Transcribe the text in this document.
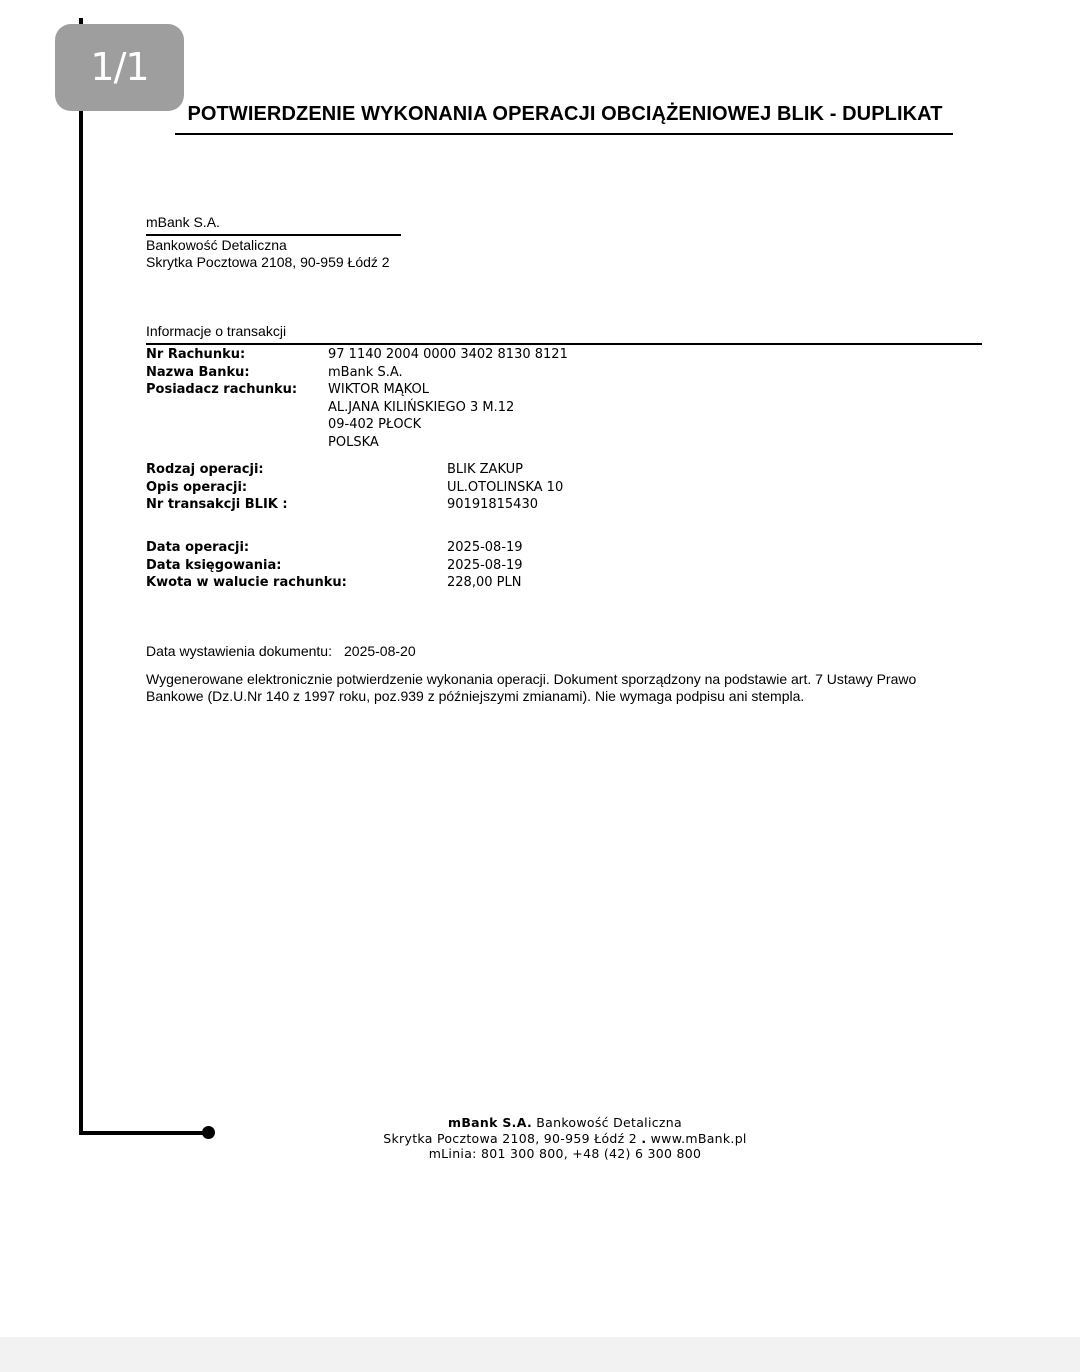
1/1
POTWIERDZENIE WYKONANIA OPERACJI OBCIĄŻENIOWEJ BLIK - DUPLIKAT
mBank S.A.
Bankowość Detaliczna
Skrytka Pocztowa 2108, 90-959 Łódź 2
Informacje o transakcji
Nr Rachunku:	97 1140 2004 0000 3402 8130 8121
Nazwa Banku:	mBank S.A.
Posiadacz rachunku:	WIKTOR MĄKOL
AL.JANA KILIŃSKIEGO 3 M.12
09-402 PŁOCK
POLSKA
Rodzaj operacji:	BLIK ZAKUP
Opis operacji:	UL.OTOLINSKA 10
Nr transakcji BLIK :	90191815430
Data operacji:	2025-08-19
Data księgowania:	2025-08-19
Kwota w walucie rachunku:	228,00 PLN
Data wystawienia dokumentu: 2025-08-20
Wygenerowane elektronicznie potwierdzenie wykonania operacji. Dokument sporządzony na podstawie art. 7 Ustawy Prawo Bankowe (Dz.U.Nr 140 z 1997 roku, poz.939 z późniejszymi zmianami). Nie wymaga podpisu ani stempla.
mBank S.A. Bankowość Detaliczna
Skrytka Pocztowa 2108, 90-959 Łódź 2 . www.mBank.pl
mLinia: 801 300 800, +48 (42) 6 300 800
